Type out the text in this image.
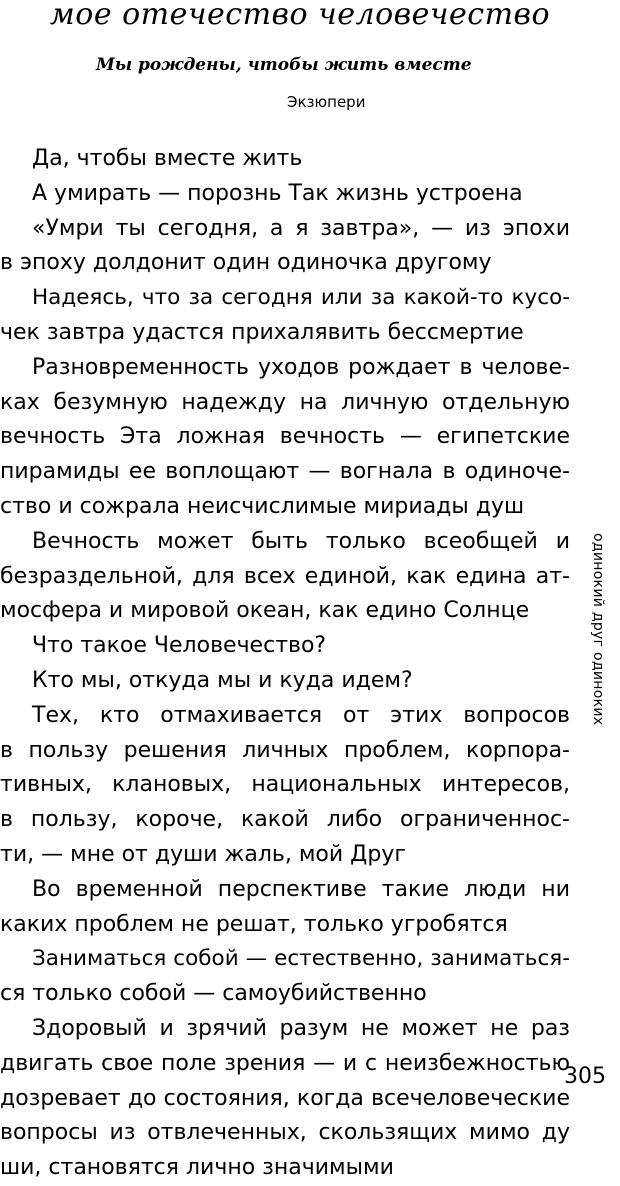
мое отечество человечество
Мы рождены, чтобы жить вместе
Экзюпери
Да, чтобы вместе жить
А умирать — порознь Так жизнь устроена
«Умри ты сегодня, а я завтра», — из эпохи
в эпоху долдонит один одиночка другому
Надеясь, что за сегодня или за какой-то кусо-
чек завтра удастся прихалявить бессмертие
Разновременность уходов рождает в челове-
ках безумную надежду на личную отдельную
вечность Эта ложная вечность — египетские
пирамиды ее воплощают — вогнала в одиноче-
ство и сожрала неисчислимые мириады душ
Вечность может быть только всеобщей и
безраздельной, для всех единой, как едина ат-
мосфера и мировой океан, как едино Солнце
Что такое Человечество?
Кто мы, откуда мы и куда идем?
Тех, кто отмахивается от этих вопросов
в пользу решения личных проблем, корпора-
тивных, клановых, национальных интересов,
в пользу, короче, какой либо ограниченнос-
ти, — мне от души жаль, мой Друг
Во временной перспективе такие люди ни
каких проблем не решат, только угробятся
Заниматься собой — естественно, заниматься-
ся только собой — самоубийственно
Здоровый и зрячий разум не может не раз
двигать свое поле зрения — и с неизбежностью
дозревает до состояния, когда всечеловеческие
вопросы из отвлеченных, скользящих мимо ду
ши, становятся лично значимыми
одинокий друг одиноких
305
